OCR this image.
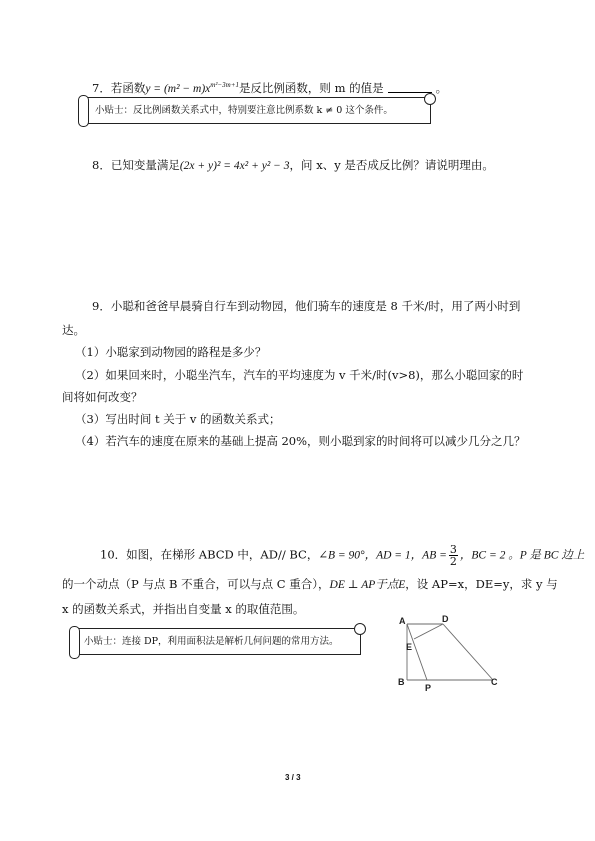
7．若函数$y = (m^2 - m)x^{m^2-3m+1}$是反比例函数，则 m 的值是	。
小贴士：反比例函数关系式中，特别要注意比例系数 k ≠ 0 这个条件。
8．已知变量满足(2x + y)² = 4x² + y² − 3，问 x、y 是否成反比例？请说明理由。
9．小聪和爸爸早晨骑自行车到动物园，他们骑车的速度是 8 千米/时，用了两小时到
达。
（1）小聪家到动物园的路程是多少？
（2）如果回来时，小聪坐汽车，汽车的平均速度为 v 千米/时(v>8)，那么小聪回家的时
间将如何改变？
（3）写出时间 t 关于 v 的函数关系式；
（4）若汽车的速度在原来的基础上提高 20%，则小聪到家的时间将可以减少几分之几？
10．如图，在梯形 ABCD 中，AD// BC，∠B = 90°，AD = 1，AB = $\frac{3}{2}$ ，BC = 2 。P 是 BC 边上
的一个动点（P 与点 B 不重合，可以与点 C 重合），DE ⊥ AP于点E，设 AP=x，DE=y，求 y 与
x 的函数关系式，并指出自变量 x 的取值范围。
小贴士：连接 DP，利用面积法是解析几何问题的常用方法。
A	D
E
B
P
C
3 / 3
